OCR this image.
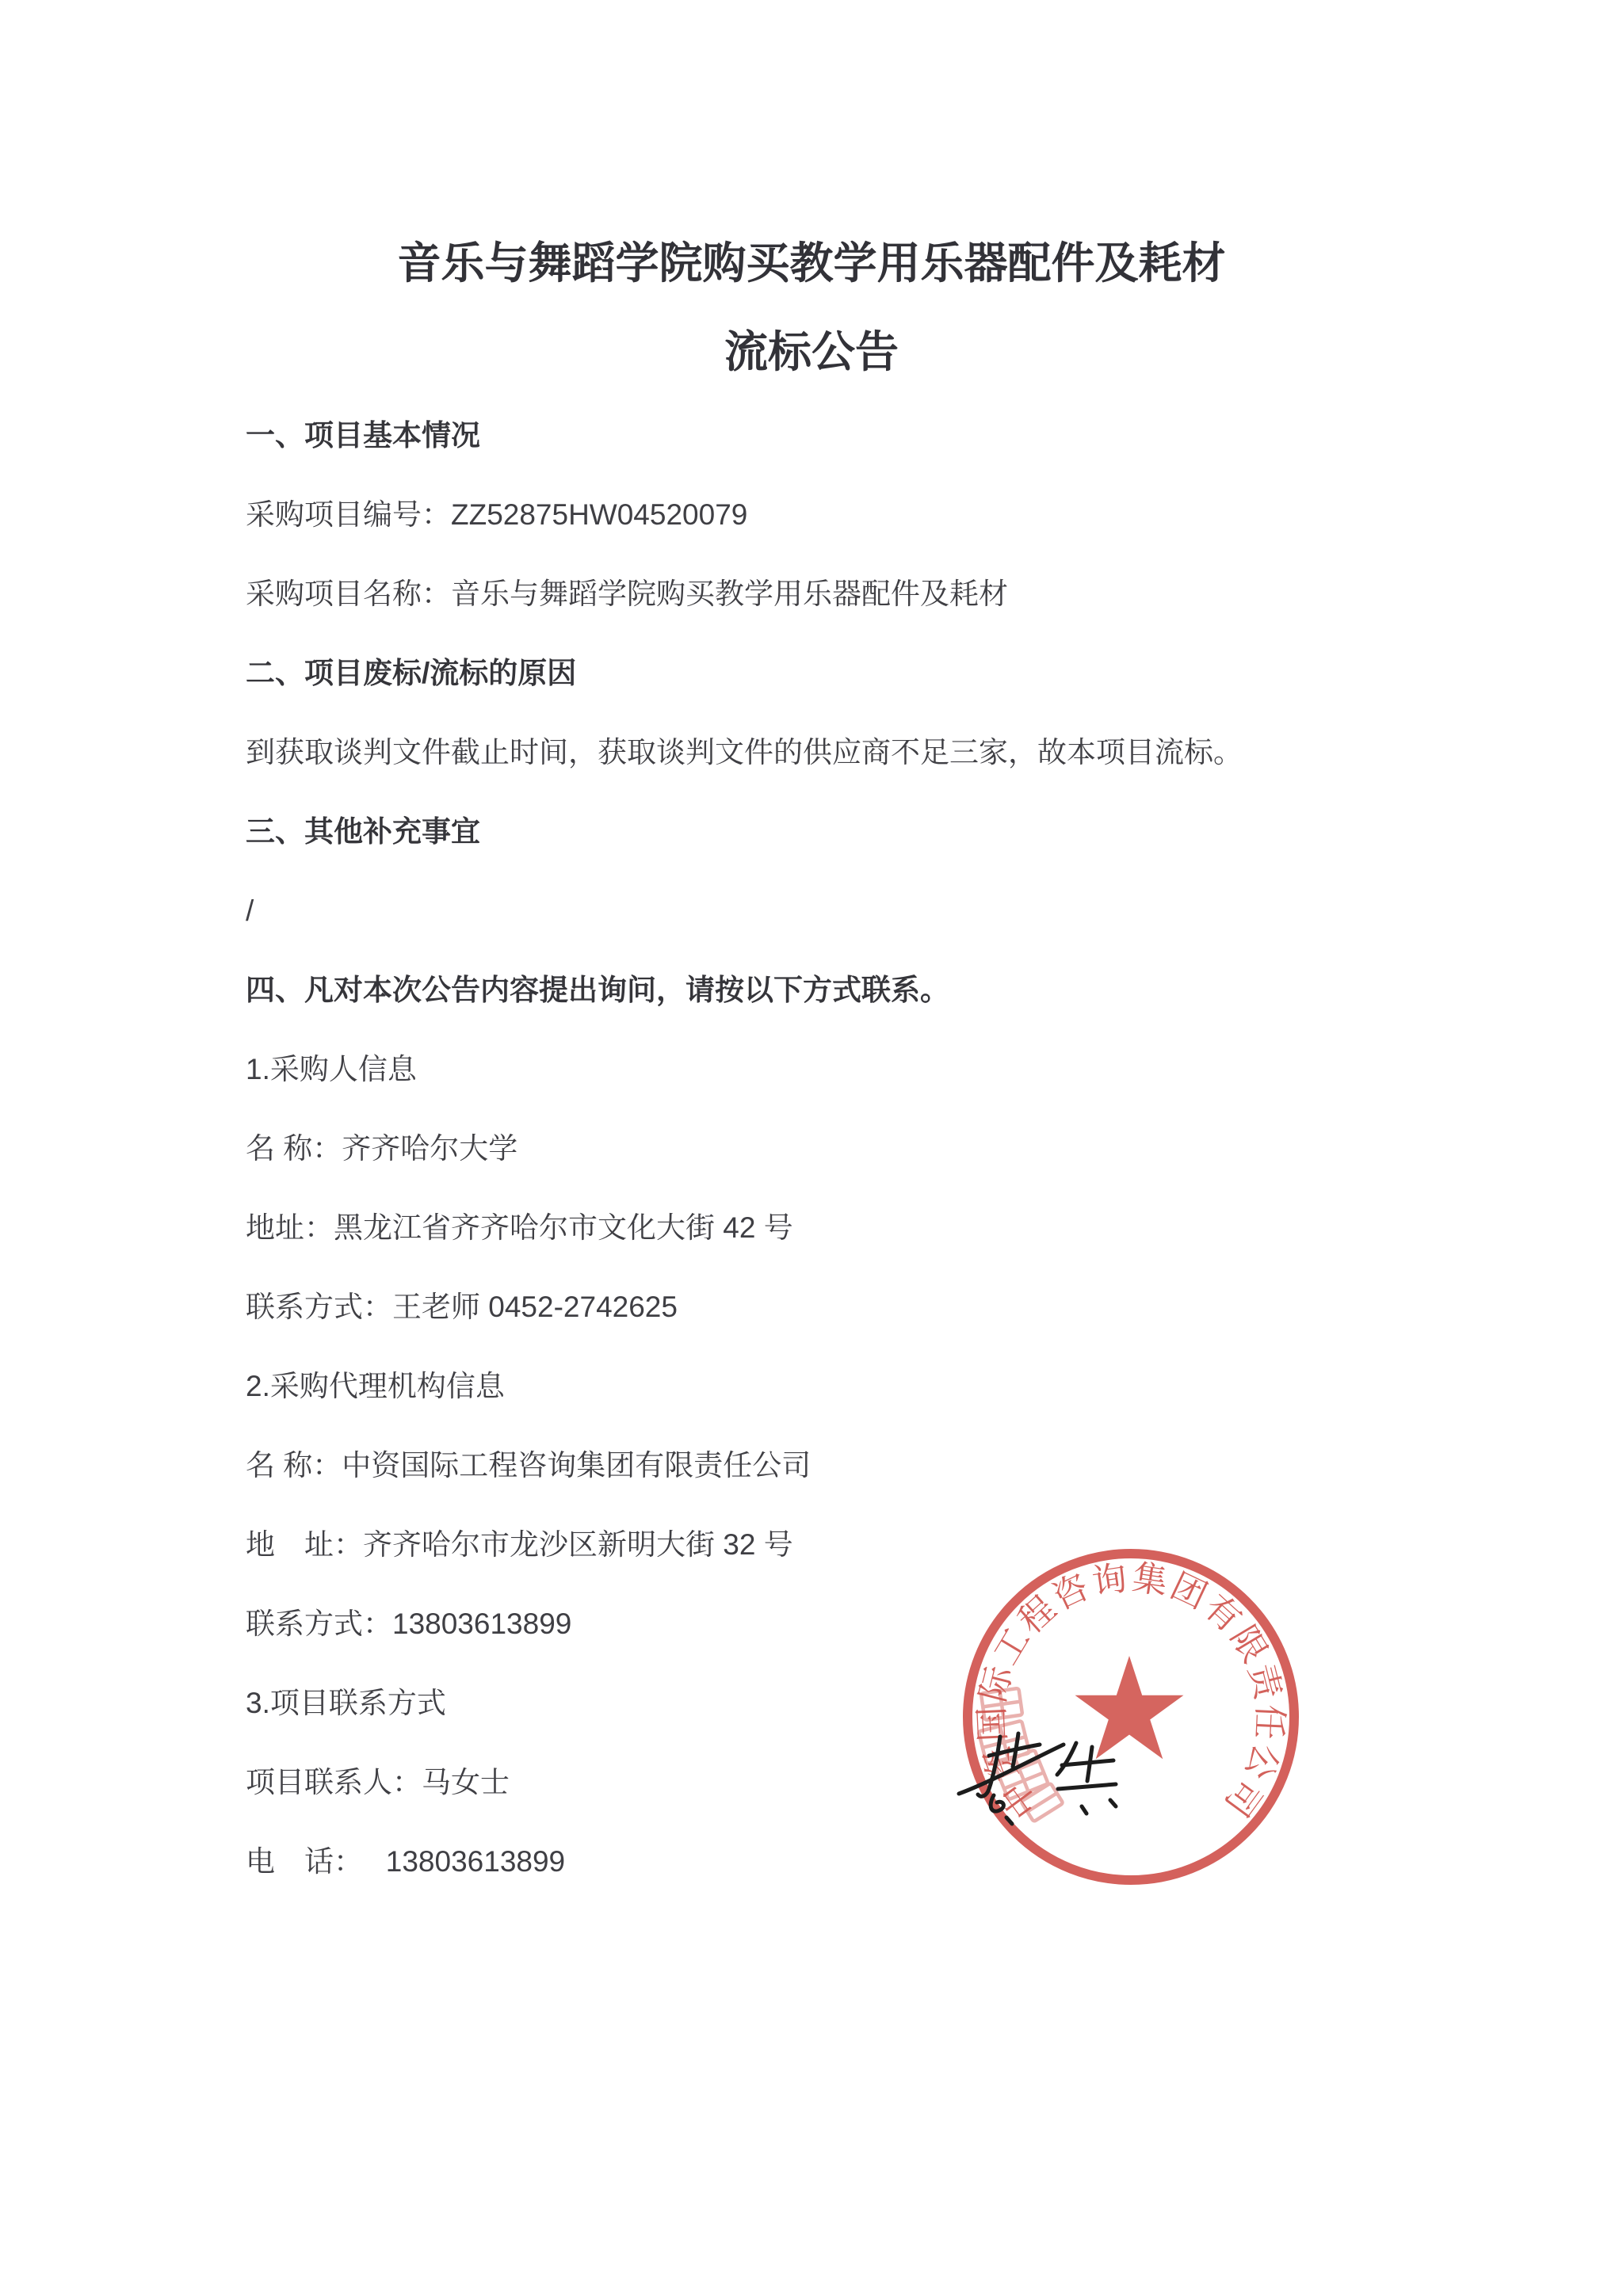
音乐与舞蹈学院购买教学用乐器配件及耗材
流标公告

一、项目基本情况

采购项目编号：ZZ52875HW04520079

采购项目名称：音乐与舞蹈学院购买教学用乐器配件及耗材

二、项目废标/流标的原因

到获取谈判文件截止时间，获取谈判文件的供应商不足三家，故本项目流标。

三、其他补充事宜

/

四、凡对本次公告内容提出询问，请按以下方式联系。

1.采购人信息

名 称：齐齐哈尔大学

地址：黑龙江省齐齐哈尔市文化大街 42 号

联系方式：王老师 0452-2742625

2.采购代理机构信息

名 称：中资国际工程咨询集团有限责任公司

地　址：齐齐哈尔市龙沙区新明大街 32 号

联系方式：13803613899

3.项目联系方式

项目联系人：马女士

电　话：　 13803613899

中资国际工程咨询集团有限责任公司
